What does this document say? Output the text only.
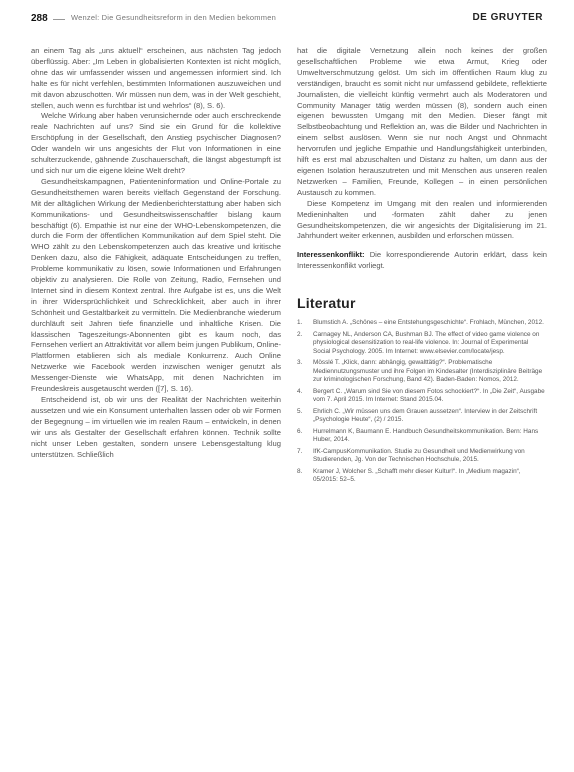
288	Wenzel: Die Gesundheitsreform in den Medien bekommen	DE GRUYTER

an einem Tag als „uns aktuell“ erscheinen, aus nächsten Tag jedoch überflüssig. Aber: „Im Leben in globalisierten Kontexten ist nicht möglich, ohne das wir umfassender wissen und angemessen informiert sind. Ich halte es für nicht verfehlen, bestimmten Informationen auszuweichen und mit davon abzuschotten. Wir müssen nun dem, was in der Welt geschieht, stellen, auch wenn es furchtbar ist und wehrlos“ (8), S. 6).

Welche Wirkung aber haben verunsichernde oder auch erschreckende reale Nachrichten auf uns? Sind sie ein Grund für die kollektive Erschöpfung in der Gesellschaft, den Anstieg psychischer Diagnosen? Oder wandeln wir uns angesichts der Flut von Informationen in eine schulterzuckende, gähnende Zuschauerschaft, die längst abgestumpft ist und sich nur um die eigene kleine Welt dreht?

Gesundheitskampagnen, Patienteninformation und Online-Portale zu Gesundheitsthemen waren bereits vielfach Gegenstand der Forschung. Mit der alltäglichen Wirkung der Medienberichterstattung aber haben sich Kommunikations- und Gesundheitswissenschaftler bislang kaum beschäftigt (6). Empathie ist nur eine der WHO-Lebenskompetenzen, die durch die Form der öffentlichen Kommunikation auf dem Spiel steht. Die WHO zählt zu den Lebenskompetenzen auch das kreative und kritische Denken dazu, also die Fähigkeit, adäquate Entscheidungen zu treffen, Probleme kommunikativ zu lösen, sowie Informationen und Erfahrungen objektiv zu analysieren. Die Rolle von Zeitung, Radio, Fernsehen und Internet sind in diesem Kontext zentral. Ihre Aufgabe ist es, uns die Welt in ihrer Widersprüchlichkeit und Schrecklichkeit, aber auch in ihrer Schönheit und Gestaltbarkeit zu vermitteln. Die Medienbranche wiederum durchläuft seit Jahren tiefe finanzielle und inhaltliche Krisen. Die klassischen Tageszeitungs-Abonnenten gibt es kaum noch, das Fernsehen verliert an Attraktivität vor allem beim jungen Publikum, Online-Plattformen etablieren sich als mediale Konkurrenz. Auch Online Netzwerke wie Facebook werden inzwischen weniger genutzt als Messenger-Dienste wie WhatsApp, mit denen Nachrichten im Freundeskreis ausgetauscht werden ([7], S. 16).

Entscheidend ist, ob wir uns der Realität der Nachrichten weiterhin aussetzen und wie ein Konsument unterhalten lassen oder ob wir Formen der Begegnung – im virtuellen wie im realen Raum – entwickeln, in denen wir uns als Gestalter der Gesellschaft erfahren können. Technik sollte nicht unser Leben gestalten, sondern unsere Lebensgestaltung klug unterstützen. Schließlich

hat die digitale Vernetzung allein noch keines der großen gesellschaftlichen Probleme wie etwa Armut, Krieg oder Umweltverschmutzung gelöst. Um sich im öffentlichen Raum klug zu verständigen, braucht es somit nicht nur umfassend gebildete, reflektierte Journalisten, die vielleicht künftig vermehrt auch als Moderatoren und Community Manager tätig werden müssen (8), sondern auch einen eigenen bewussten Umgang mit den Medien. Dieser fängt mit Selbstbeobachtung und Reflektion an, was die Bilder und Nachrichten in einem selbst auslösen. Wenn sie nur noch Angst und Ohnmacht hervorrufen und jegliche Empathie und Handlungsfähigkeit unterbinden, hilft es erst mal abzuschalten und Distanz zu halten, um dann aus der eigenen Isolation herauszutreten und mit Menschen aus unseren realen Netzwerken – Familien, Freunde, Kollegen – in einen persönlichen Austausch zu kommen.

Diese Kompetenz im Umgang mit den realen und informierenden Medieninhalten und -formaten zählt daher zu jenen Gesundheitskompetenzen, die wir angesichts der Digitalisierung im 21. Jahrhundert weiter erkennen, ausbilden und erforschen müssen.

Interessenkonflikt: Die korrespondierende Autorin erklärt, dass kein Interessenkonflikt vorliegt.

Literatur
1. Blumstich A. „Schönes – eine Entstehungsgeschichte“. Frohlach, München, 2012.
2. Carnagey NL, Anderson CA, Bushman BJ. The effect of video game violence on physiological desensitization to real-life violence. In: Journal of Experimental Social Psychology. 2005. Im Internet: www.elsevier.com/locate/jesp.
3. Mösslé T. „Klick, dann: abhängig, gewalttätig?“. Problematische Mediennutzungsmuster und ihre Folgen im Kindesalter (Interdisziplinäre Beiträge zur kriminologischen Forschung, Band 42). Baden-Baden: Nomos, 2012.
4. Bergert C. „Warum sind Sie von diesem Fotos schockiert?“. In „Die Zeit“, Ausgabe vom 7. April 2015. Im Internet: Stand 2015.04.
5. Ehrlich C. „Wir müssen uns dem Grauen aussetzen“. Interview in der Zeitschrift „Psychologie Heute“, (2) / 2015.
6. Hurrelmann K, Baumann E. Handbuch Gesundheitskommunikation. Bern: Hans Huber, 2014.
7. IfK-CampusKommunikation. Studie zu Gesundheit und Medienwirkung von Studierenden, Jg. Von der Technischen Hochschule, 2015.
8. Kramer J, Wolcher S. „Schafft mehr dieser Kultur!“. In „Medium magazin“, 05/2015: 52–5.
